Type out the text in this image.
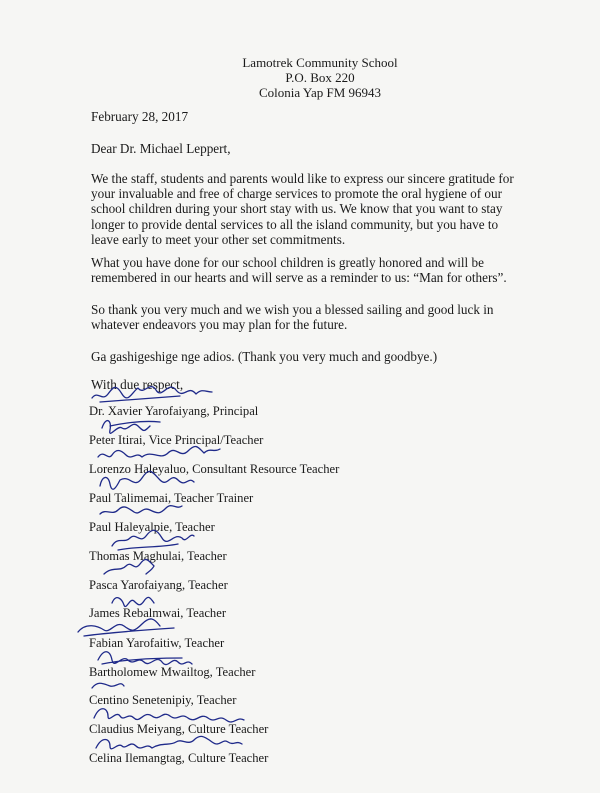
Lamotrek Community School
P.O. Box 220
Colonia Yap FM 96943
February 28, 2017
Dear Dr. Michael Leppert,

We the staff, students and parents would like to express our sincere gratitude for your invaluable and free of charge services to promote the oral hygiene of our school children during your short stay with us. We know that you want to stay longer to provide dental services to all the island community, but you have to leave early to meet your other set commitments.

What you have done for our school children is greatly honored and will be remembered in our hearts and will serve as a reminder to us: “Man for others”.

So thank you very much and we wish you a blessed sailing and good luck in whatever endeavors you may plan for the future.

Ga gashigeshige nge adios. (Thank you very much and goodbye.)

With due respect,
Dr. Xavier Yarofaiyang, Principal
Peter Itirai, Vice Principal/Teacher
Lorenzo Haleyaluo, Consultant Resource Teacher
Paul Talimemai, Teacher Trainer
Paul Haleyalpie, Teacher
Thomas Maghulai, Teacher
Pasca Yarofaiyang, Teacher
James Rebalmwai, Teacher
Fabian Yarofaitiw, Teacher
Bartholomew Mwailtog, Teacher
Centino Senetenipiy, Teacher
Claudius Meiyang, Culture Teacher
Celina Ilemangtag, Culture Teacher
